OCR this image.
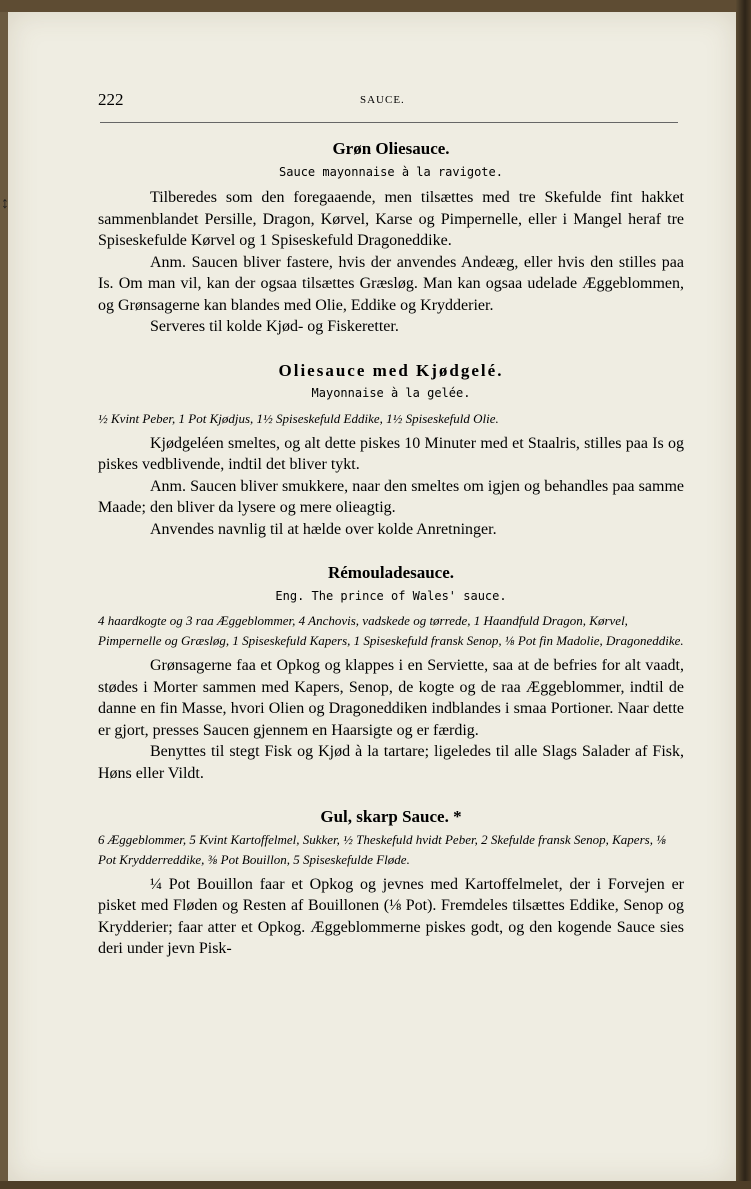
↕
222	SAUCE.

Grøn Oliesauce.

Sauce mayonnaise à la ravigote.

Tilberedes som den foregaaende, men tilsættes med tre Skefulde fint hakket sammenblandet Persille, Dragon, Kørvel, Karse og Pimpernelle, eller i Mangel heraf tre Spiseskefulde Kørvel og 1 Spiseskefuld Dragoneddike.

Anm. Saucen bliver fastere, hvis der anvendes Andeæg, eller hvis den stilles paa Is. Om man vil, kan der ogsaa tilsættes Græsløg. Man kan ogsaa udelade Æggeblommen, og Grønsagerne kan blandes med Olie, Eddike og Krydderier.

Serveres til kolde Kjød- og Fiskeretter.

Oliesauce med Kjødgelé.

Mayonnaise à la gelée.

½ Kvint Peber, 1 Pot Kjødjus, 1½ Spiseskefuld Eddike, 1½ Spiseskefuld Olie.

Kjødgeléen smeltes, og alt dette piskes 10 Minuter med et Staalris, stilles paa Is og piskes vedblivende, indtil det bliver tykt.

Anm. Saucen bliver smukkere, naar den smeltes om igjen og behandles paa samme Maade; den bliver da lysere og mere olieagtig.

Anvendes navnlig til at hælde over kolde Anretninger.

Rémouladesauce.

Eng. The prince of Wales' sauce.

4 haardkogte og 3 raa Æggeblommer, 4 Anchovis, vadskede og tørrede, 1 Haandfuld Dragon, Kørvel, Pimpernelle og Græsløg, 1 Spiseskefuld Kapers, 1 Spiseskefuld fransk Senop, ⅛ Pot fin Madolie, Dragoneddike.

Grønsagerne faa et Opkog og klappes i en Serviette, saa at de befries for alt vaadt, stødes i Morter sammen med Kapers, Senop, de kogte og de raa Æggeblommer, indtil de danne en fin Masse, hvori Olien og Dragoneddiken indblandes i smaa Portioner. Naar dette er gjort, presses Saucen gjennem en Haarsigte og er færdig.

Benyttes til stegt Fisk og Kjød à la tartare; ligeledes til alle Slags Salader af Fisk, Høns eller Vildt.

Gul, skarp Sauce. *

6 Æggeblommer, 5 Kvint Kartoffelmel, Sukker, ½ Theskefuld hvidt Peber, 2 Skefulde fransk Senop, Kapers, ⅛ Pot Krydderreddike, ⅜ Pot Bouillon, 5 Spiseskefulde Fløde.

¼ Pot Bouillon faar et Opkog og jevnes med Kartoffelmelet, der i Forvejen er pisket med Fløden og Resten af Bouillonen (⅛ Pot). Fremdeles tilsættes Eddike, Senop og Krydderier; faar atter et Opkog. Æggeblommerne piskes godt, og den kogende Sauce sies deri under jevn Pisk-
